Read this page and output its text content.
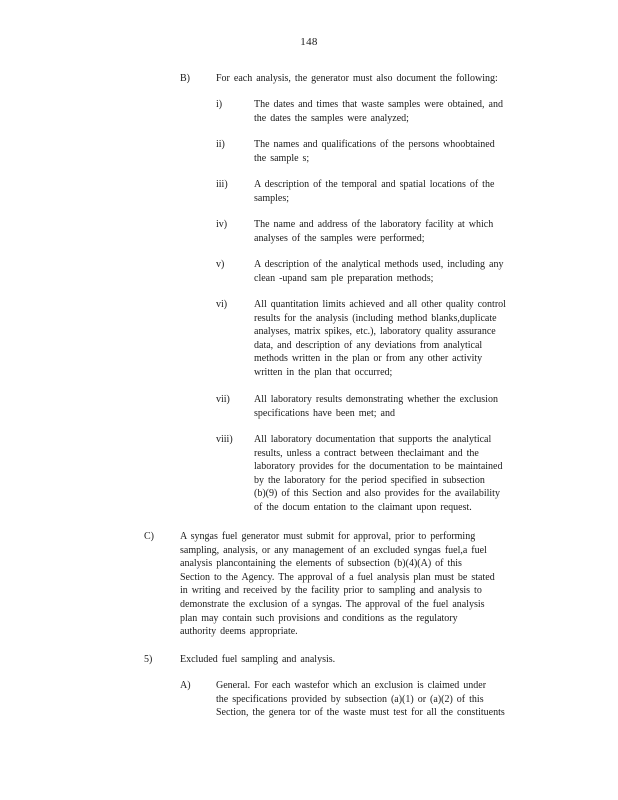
148
B)	For each analysis, the generator must also document the following:
i)	The dates and times that waste samples were obtained, and
the dates the samples were analyzed;
ii)	The names and qualifications of the persons whoobtained
the sample s;
iii)	A description of the temporal and spatial locations of the
samples;
iv)	The name and address of the laboratory facility at which
analyses of the samples were performed;
v)	A description of the analytical methods used, including any
clean -upand sam ple preparation methods;
vi)	All quantitation limits achieved and all other quality control
results for the analysis (including method blanks,duplicate
analyses, matrix spikes, etc.), laboratory quality assurance
data, and description of any deviations from analytical
methods written in the plan or from any other activity
written in the plan that occurred;
vii) All laboratory results demonstrating whether the exclusion
specifications have been met; and
viii) All laboratory documentation that supports the analytical
results, unless a contract between theclaimant and the
laboratory provides for the documentation to be maintained
by the laboratory for the period specified in subsection
(b)(9) of this Section and also provides for the availability
of the docum entation to the claimant upon request.
C)	A syngas fuel generator must submit for approval, prior to performing
sampling, analysis, or any management of an excluded syngas fuel,a fuel
analysis plancontaining the elements of subsection (b)(4)(A) of this
Section to the Agency. The approval of a fuel analysis plan must be stated
in writing and received by the facility prior to sampling and analysis to
demonstrate the exclusion of a syngas. The approval of the fuel analysis
plan may contain such provisions and conditions as the regulatory
authority deems appropriate.
5)	Excluded fuel sampling and analysis.
A)	General. For each wastefor which an exclusion is claimed under
the specifications provided by subsection (a)(1) or (a)(2) of this
Section, the genera tor of the waste must test for all the constituents
